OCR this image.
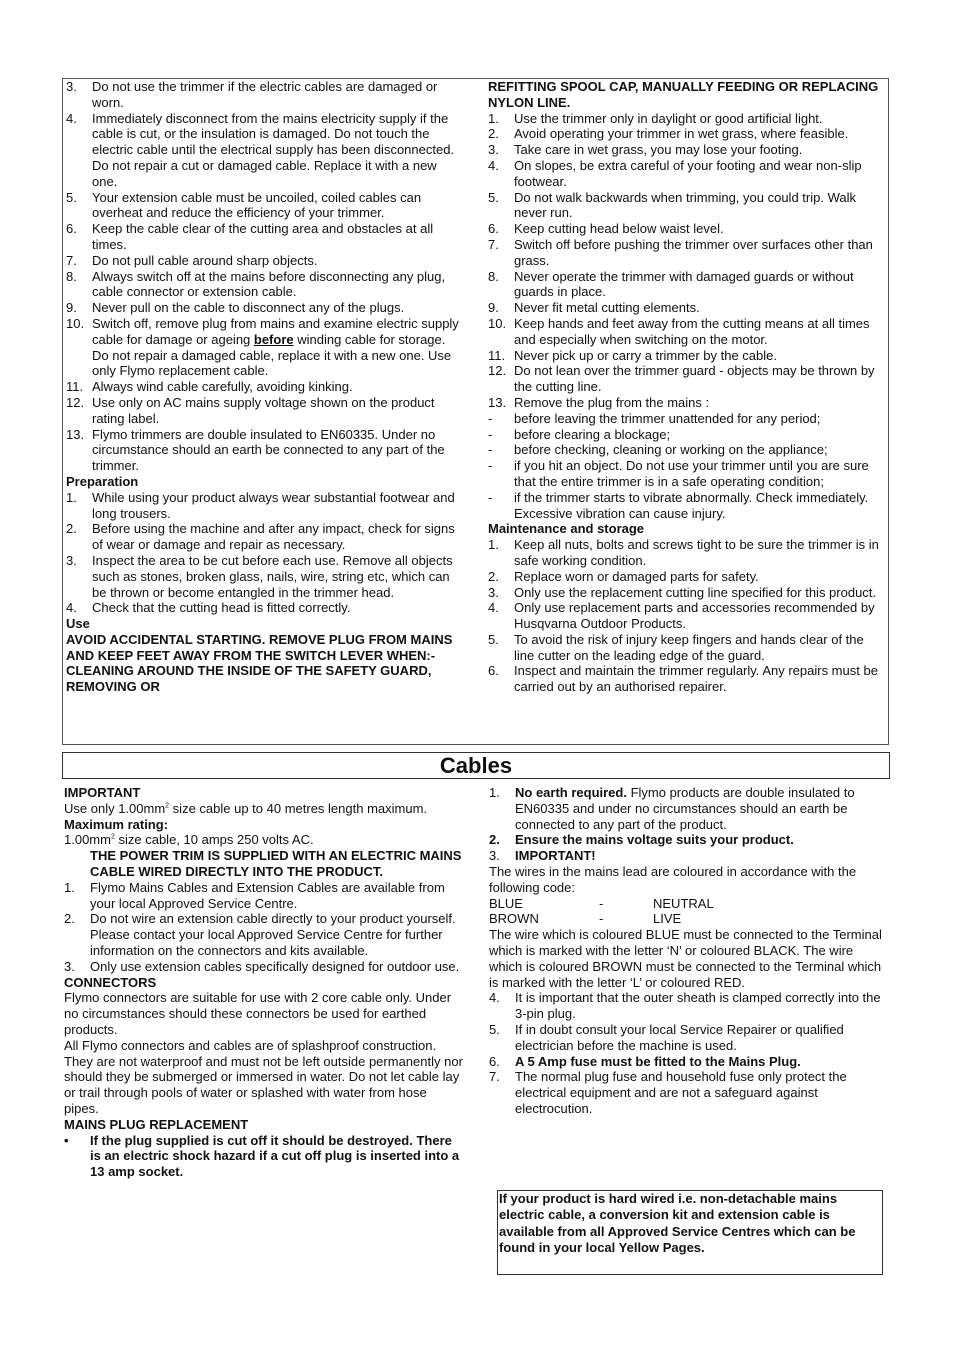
3.	Do not use the trimmer if the electric cables are damaged or worn.
4.	Immediately disconnect from the mains electricity supply if the cable is cut, or the insulation is damaged. Do not touch the electric cable until the electrical supply has been disconnected. Do not repair a cut or damaged cable. Replace it with a new one.
5.	Your extension cable must be uncoiled, coiled cables can overheat and reduce the efficiency of your trimmer.
6.	Keep the cable clear of the cutting area and obstacles at all times.
7.	Do not pull cable around sharp objects.
8.	Always switch off at the mains before disconnecting any plug, cable connector or extension cable.
9.	Never pull on the cable to disconnect any of the plugs.
10. Switch off, remove plug from mains and examine electric supply cable for damage or ageing before winding cable for storage. Do not repair a damaged cable, replace it with a new one. Use only Flymo replacement cable.
11. Always wind cable carefully, avoiding kinking.
12. Use only on AC mains supply voltage shown on the product rating label.
13. Flymo trimmers are double insulated to EN60335. Under no circumstance should an earth be connected to any part of the trimmer.
Preparation
1.	While using your product always wear substantial footwear and long trousers.
2.	Before using the machine and after any impact, check for signs of wear or damage and repair as necessary.
3.	Inspect the area to be cut before each use. Remove all objects such as stones, broken glass, nails, wire, string etc, which can be thrown or become entangled in the trimmer head.
4.	Check that the cutting head is fitted correctly.
Use
AVOID ACCIDENTAL STARTING. REMOVE PLUG FROM MAINS AND KEEP FEET AWAY FROM THE SWITCH LEVER WHEN:- CLEANING AROUND THE INSIDE OF THE SAFETY GUARD, REMOVING OR
REFITTING SPOOL CAP, MANUALLY FEEDING OR REPLACING NYLON LINE.
1.	Use the trimmer only in daylight or good artificial light.
2.	Avoid operating your trimmer in wet grass, where feasible.
3.	Take care in wet grass, you may lose your footing.
4.	On slopes, be extra careful of your footing and wear non-slip footwear.
5.	Do not walk backwards when trimming, you could trip. Walk never run.
6.	Keep cutting head below waist level.
7.	Switch off before pushing the trimmer over surfaces other than grass.
8.	Never operate the trimmer with damaged guards or without guards in place.
9.	Never fit metal cutting elements.
10. Keep hands and feet away from the cutting means at all times and especially when switching on the motor.
11. Never pick up or carry a trimmer by the cable.
12. Do not lean over the trimmer guard - objects may be thrown by the cutting line.
13. Remove the plug from the mains :
-	before leaving the trimmer unattended for any period;
-	before clearing a blockage;
-	before checking, cleaning or working on the appliance;
-	if you hit an object. Do not use your trimmer until you are sure that the entire trimmer is in a safe operating condition;
-	if the trimmer starts to vibrate abnormally. Check immediately. Excessive vibration can cause injury.
Maintenance and storage
1.	Keep all nuts, bolts and screws tight to be sure the trimmer is in safe working condition.
2.	Replace worn or damaged parts for safety.
3.	Only use the replacement cutting line specified for this product.
4.	Only use replacement parts and accessories recommended by Husqvarna Outdoor Products.
5.	To avoid the risk of injury keep fingers and hands clear of the line cutter on the leading edge of the guard.
6.	Inspect and maintain the trimmer regularly. Any repairs must be carried out by an authorised repairer.
Cables
IMPORTANT
Use only $1.00mm^2$ size cable up to 40 metres length maximum.
Maximum rating:
$1.00mm^2$ size cable, 10 amps 250 volts AC.
THE POWER TRIM IS SUPPLIED WITH AN ELECTRIC MAINS CABLE WIRED DIRECTLY INTO THE PRODUCT.
1.	Flymo Mains Cables and Extension Cables are available from your local Approved Service Centre.
2.	Do not wire an extension cable directly to your product yourself. Please contact your local Approved Service Centre for further information on the connectors and kits available.
3.	Only use extension cables specifically designed for outdoor use.
CONNECTORS
Flymo connectors are suitable for use with 2 core cable only. Under no circumstances should these connectors be used for earthed products.
All Flymo connectors and cables are of splashproof construction. They are not waterproof and must not be left outside permanently nor should they be submerged or immersed in water. Do not let cable lay or trail through pools of water or splashed with water from hose pipes.
MAINS PLUG REPLACEMENT
•	If the plug supplied is cut off it should be destroyed. There is an electric shock hazard if a cut off plug is inserted into a 13 amp socket.
1.	No earth required. Flymo products are double insulated to EN60335 and under no circumstances should an earth be connected to any part of the product.
2.	Ensure the mains voltage suits your product.
3.	IMPORTANT!
The wires in the mains lead are coloured in accordance with the following code:
BLUE	-	NEUTRAL
BROWN	-	LIVE
The wire which is coloured BLUE must be connected to the Terminal which is marked with the letter ‘N’ or coloured BLACK. The wire which is coloured BROWN must be connected to the Terminal which is marked with the letter ‘L’ or coloured RED.
4.	It is important that the outer sheath is clamped correctly into the 3-pin plug.
5.	If in doubt consult your local Service Repairer or qualified electrician before the machine is used.
6.	A 5 Amp fuse must be fitted to the Mains Plug.
7.	The normal plug fuse and household fuse only protect the electrical equipment and are not a safeguard against electrocution.
If your product is hard wired i.e. non-detachable mains electric cable, a conversion kit and extension cable is available from all Approved Service Centres which can be found in your local Yellow Pages.
